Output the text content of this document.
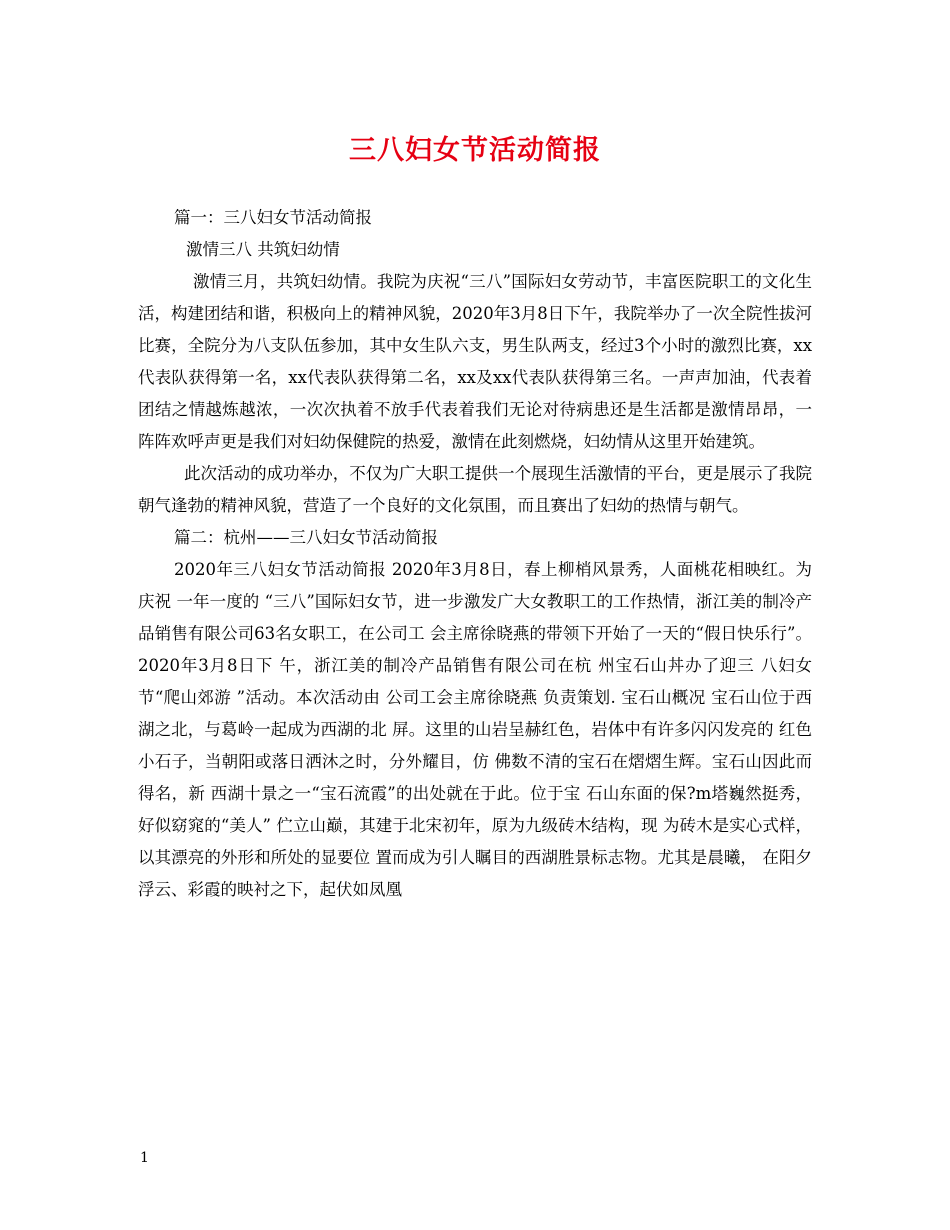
三八妇女节活动简报

篇一：三八妇女节活动简报

激情三八 共筑妇幼情

激情三月，共筑妇幼情。我院为庆祝“三八”国际妇女劳动节，丰富医院职工的文化生活，构建团结和谐，积极向上的精神风貌，2020年3月8日下午，我院举办了一次全院性拔河比赛，全院分为八支队伍参加，其中女生队六支，男生队两支，经过3个小时的激烈比赛，xx代表队获得第一名，xx代表队获得第二名，xx及xx代表队获得第三名。一声声加油，代表着团结之情越炼越浓，一次次执着不放手代表着我们无论对待病患还是生活都是激情昂昂，一阵阵欢呼声更是我们对妇幼保健院的热爱，激情在此刻燃烧，妇幼情从这里开始建筑。

此次活动的成功举办，不仅为广大职工提供一个展现生活激情的平台，更是展示了我院朝气逢勃的精神风貌，营造了一个良好的文化氛围，而且赛出了妇幼的热情与朝气。

篇二：杭州——三八妇女节活动简报

2020年三八妇女节活动简报 2020年3月8日，春上柳梢风景秀，人面桃花相映红。为庆祝 一年一度的 “三八”国际妇女节，进一步激发广大女教职工的工作热情，浙江美的制冷产品销售有限公司63名女职工，在公司工 会主席徐晓燕的带领下开始了一天的“假日快乐行”。 2020年3月8日下 午，浙江美的制冷产品销售有限公司在杭 州宝石山丼办了迎三 八妇女节“爬山郊游 ”活动。本次活动由 公司工会主席徐晓燕 负责策划. 宝石山概况 宝石山位于西湖之北，与葛岭一起成为西湖的北 屏。这里的山岩呈赫红色，岩体中有许多闪闪发亮的 红色小石子，当朝阳或落日洒沐之时，分外耀目，仿 佛数不清的宝石在熠熠生辉。宝石山因此而得名，新 西湖十景之一“宝石流霞”的出处就在于此。位于宝 石山东面的保?m塔巍然挺秀，好似窈窕的“美人” 伫立山巅，其建于北宋初年，原为九级砖木结构，现 为砖木是实心式样，以其漂亮的外形和所处的显要位 置而成为引人瞩目的西湖胜景标志物。尤其是晨曦， 在阳夕浮云、彩霞的映衬之下，起伏如凤凰

1
